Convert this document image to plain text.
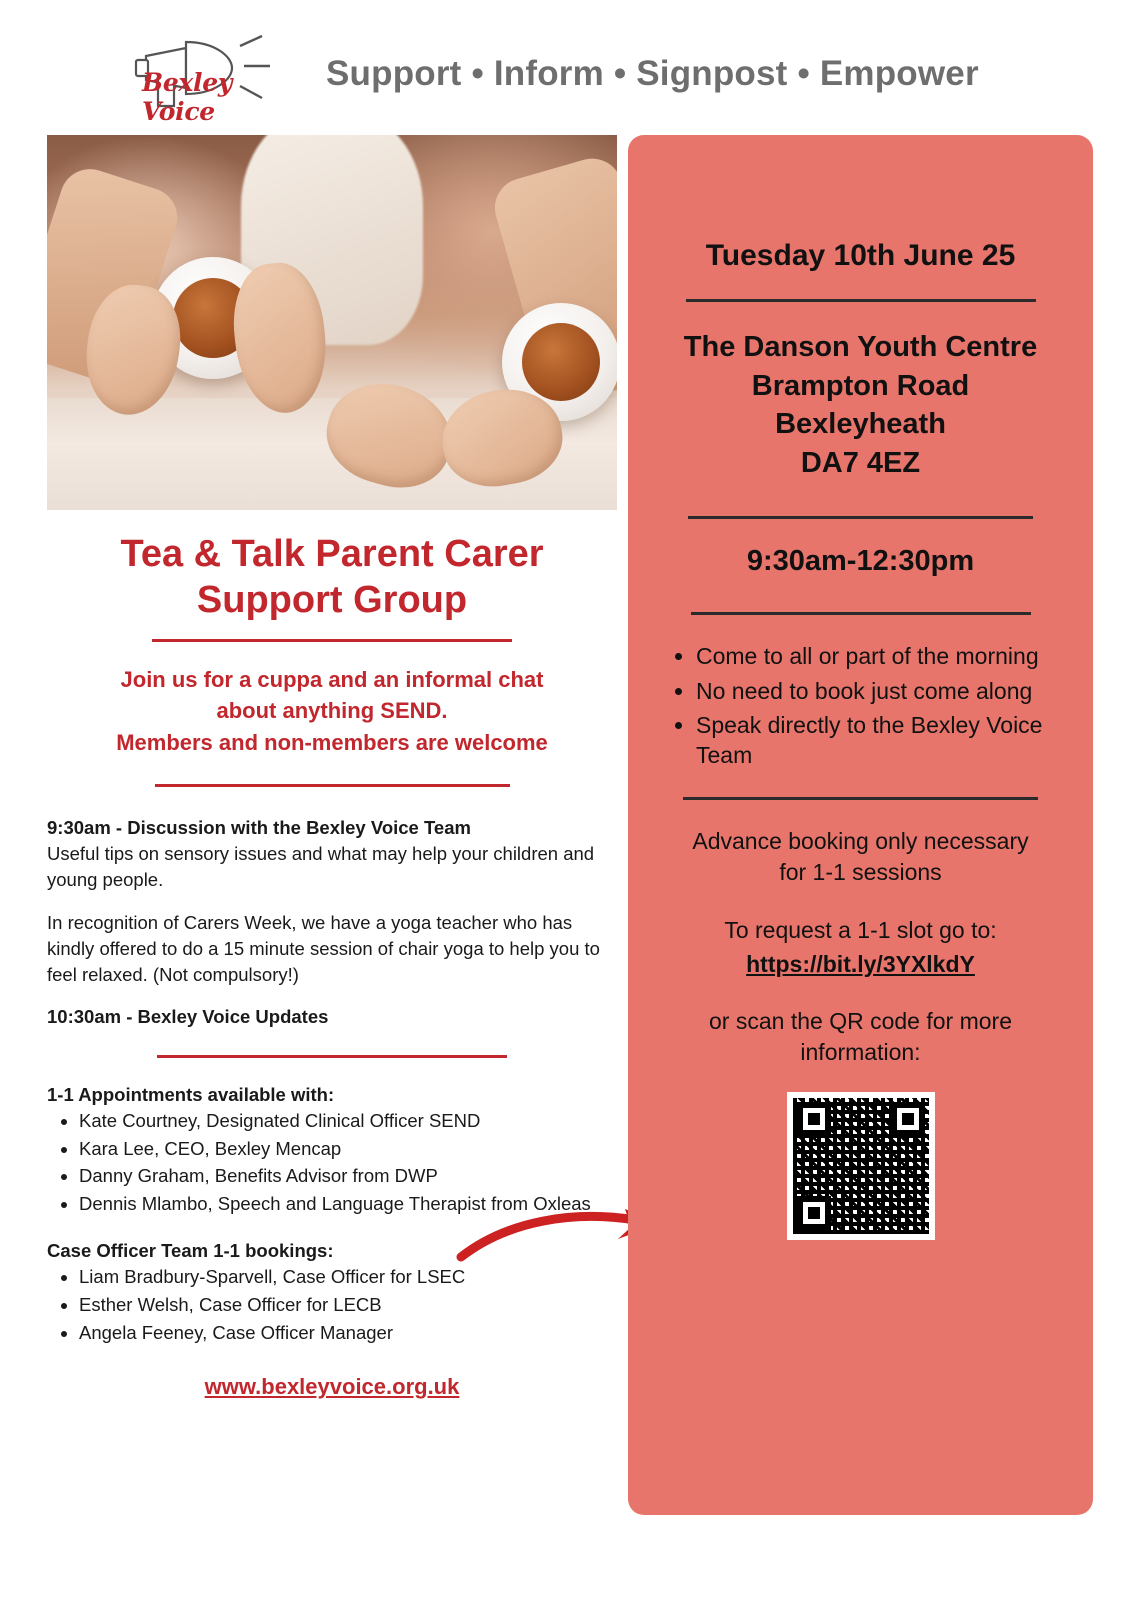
Bexley Voice
Support • Inform • Signpost • Empower
Tea & Talk Parent Carer Support Group
Join us for a cuppa and an informal chat
about anything SEND.
Members and non-members are welcome

9:30am - Discussion with the Bexley Voice Team
Useful tips on sensory issues and what may help your children and young people.

In recognition of Carers Week, we have a yoga teacher who has kindly offered to do a 15 minute session of chair yoga to help you to feel relaxed. (Not compulsory!)

10:30am - Bexley Voice Updates

1-1 Appointments available with:
• Kate Courtney, Designated Clinical Officer SEND
• Kara Lee, CEO, Bexley Mencap
• Danny Graham, Benefits Advisor from DWP
• Dennis Mlambo, Speech and Language Therapist from Oxleas
Case Officer Team 1-1 bookings:
• Liam Bradbury-Sparvell, Case Officer for LSEC
• Esther Welsh, Case Officer for LECB
• Angela Feeney, Case Officer Manager
www.bexleyvoice.org.uk
Tuesday 10th June 25
The Danson Youth Centre
Brampton Road
Bexleyheath
DA7 4EZ
9:30am-12:30pm
• Come to all or part of the morning
• No need to book just come along
• Speak directly to the Bexley Voice Team
Advance booking only necessary
for 1-1 sessions
To request a 1-1 slot go to:
https://bit.ly/3YXlkdY
or scan the QR code for more
information:
